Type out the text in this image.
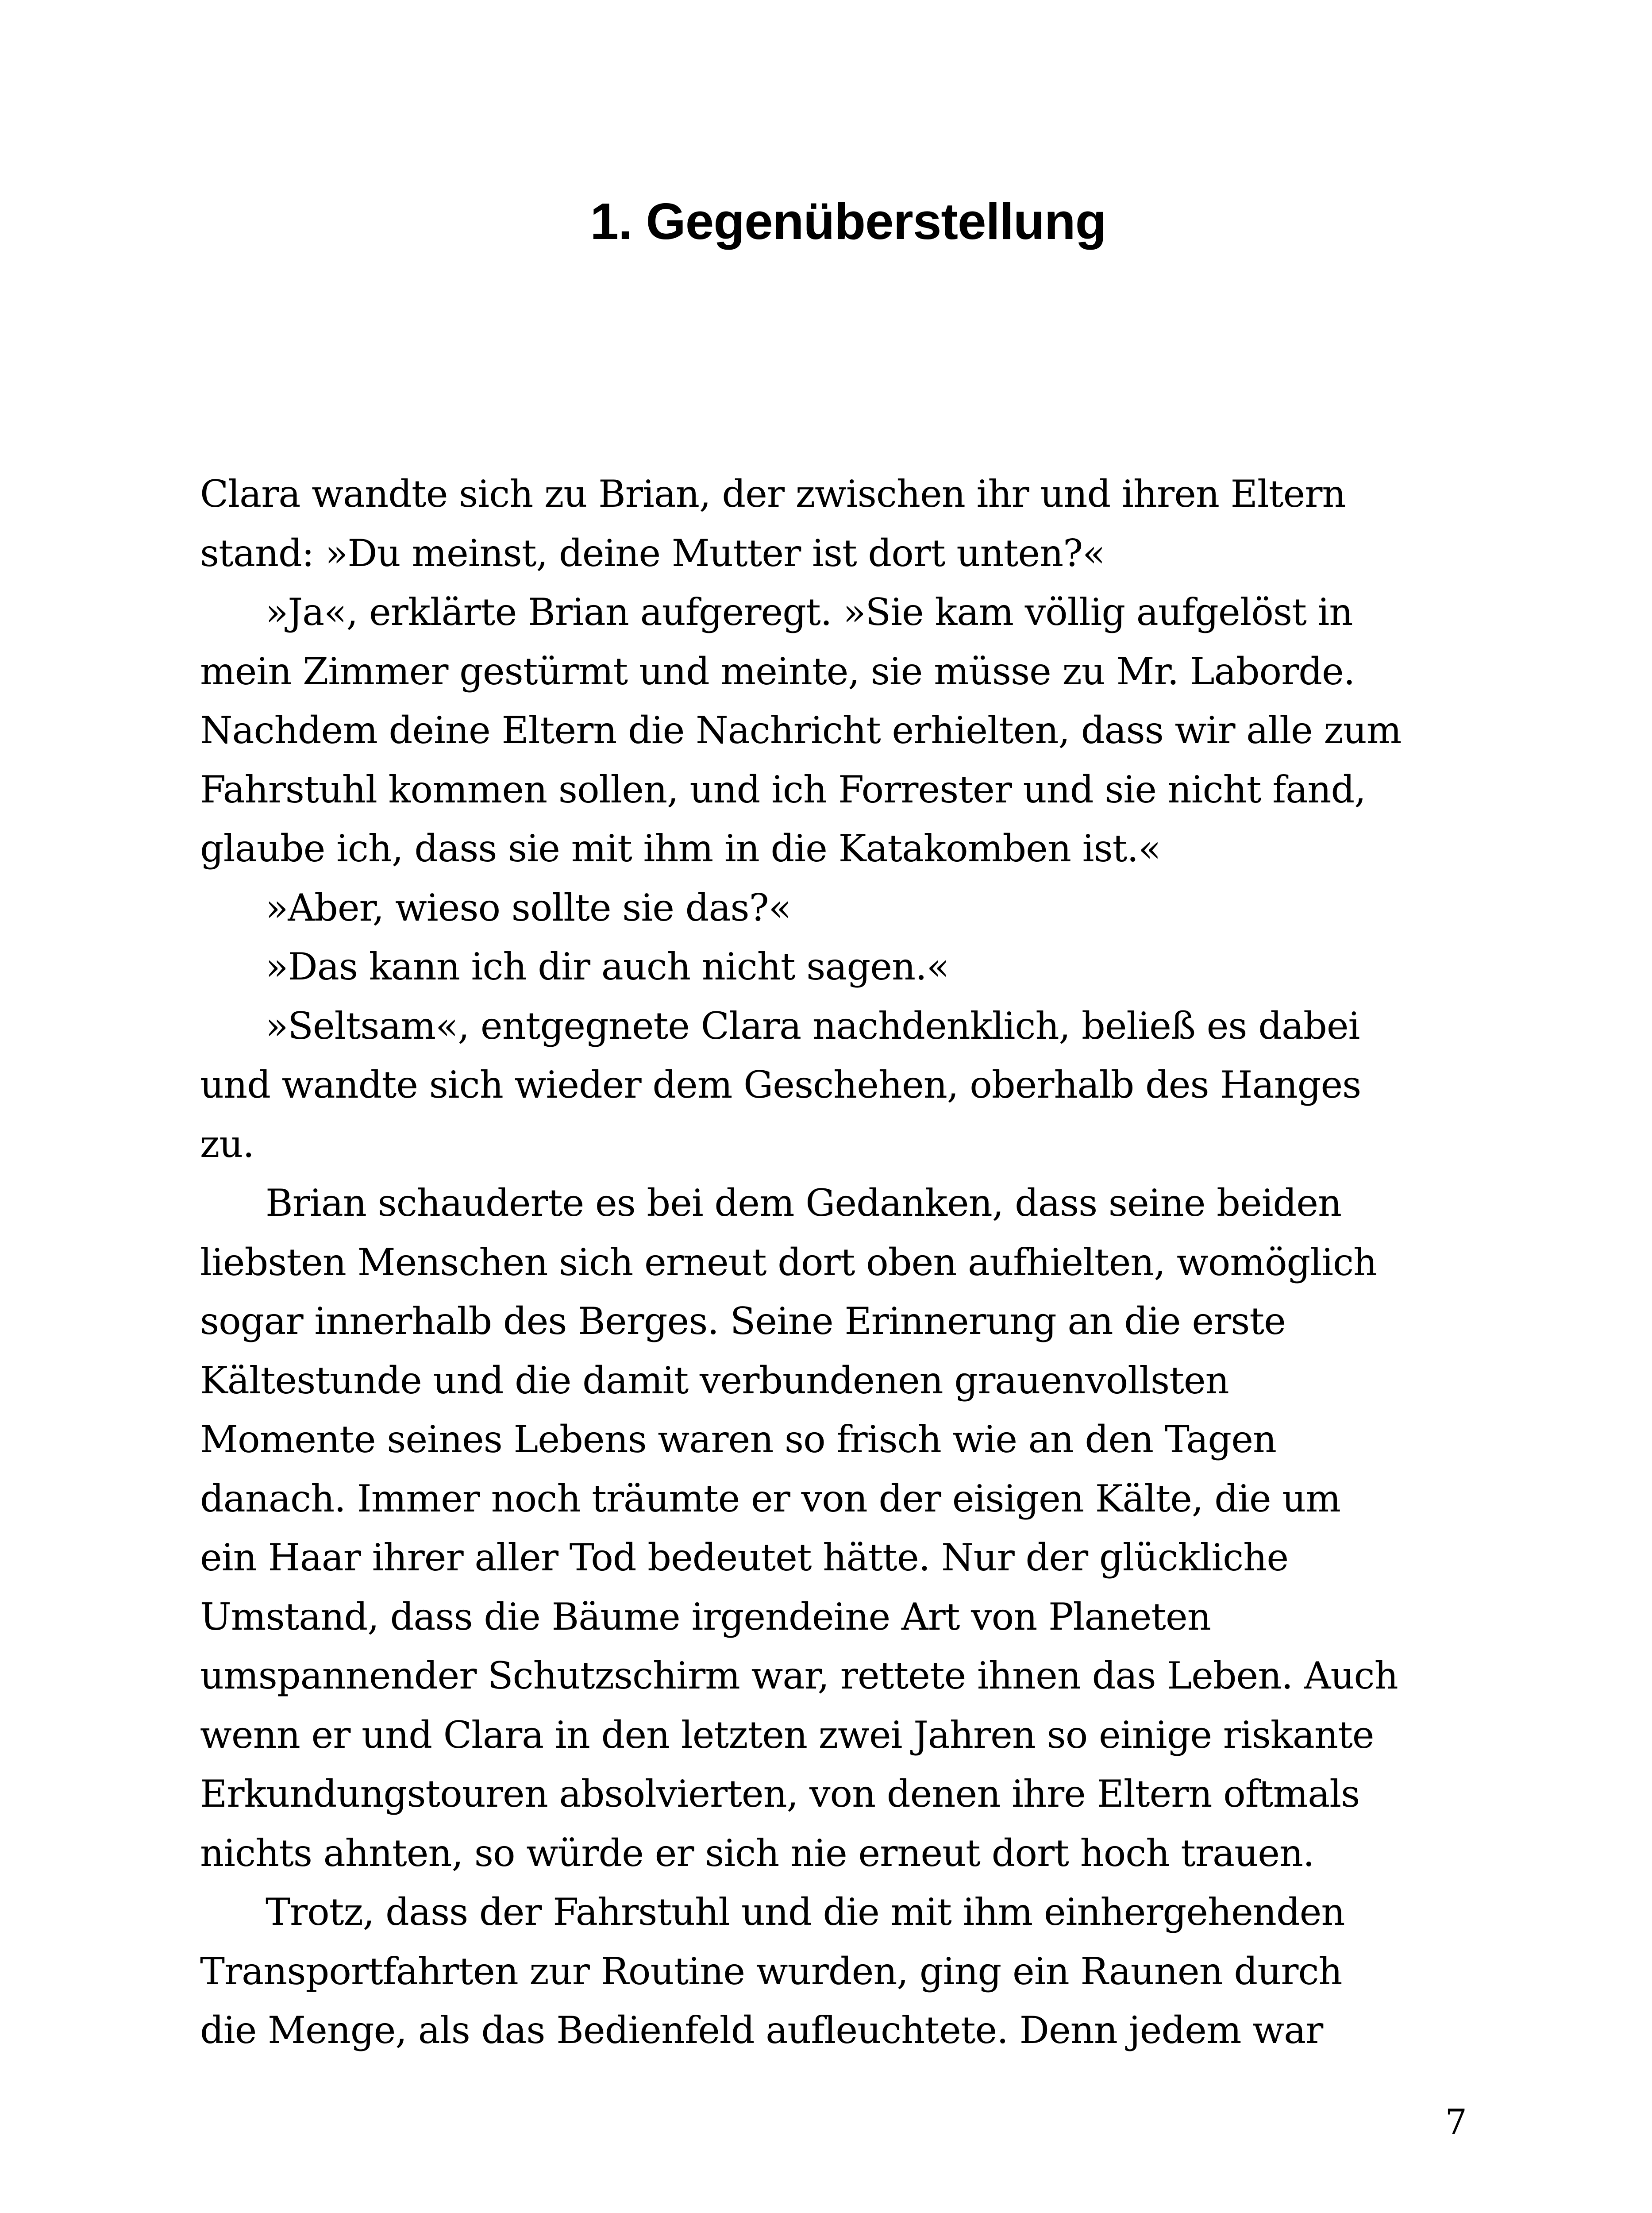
1. Gegenüberstellung
Clara wandte sich zu Brian, der zwischen ihr und ihren Eltern
stand: »Du meinst, deine Mutter ist dort unten?«
»Ja«, erklärte Brian aufgeregt. »Sie kam völlig aufgelöst in
mein Zimmer gestürmt und meinte, sie müsse zu Mr. Laborde.
Nachdem deine Eltern die Nachricht erhielten, dass wir alle zum
Fahrstuhl kommen sollen, und ich Forrester und sie nicht fand,
glaube ich, dass sie mit ihm in die Katakomben ist.«
»Aber, wieso sollte sie das?«
»Das kann ich dir auch nicht sagen.«
»Seltsam«, entgegnete Clara nachdenklich, beließ es dabei
und wandte sich wieder dem Geschehen, oberhalb des Hanges
zu.
Brian schauderte es bei dem Gedanken, dass seine beiden
liebsten Menschen sich erneut dort oben aufhielten, womöglich
sogar innerhalb des Berges. Seine Erinnerung an die erste
Kältestunde und die damit verbundenen grauenvollsten
Momente seines Lebens waren so frisch wie an den Tagen
danach. Immer noch träumte er von der eisigen Kälte, die um
ein Haar ihrer aller Tod bedeutet hätte. Nur der glückliche
Umstand, dass die Bäume irgendeine Art von Planeten
umspannender Schutzschirm war, rettete ihnen das Leben. Auch
wenn er und Clara in den letzten zwei Jahren so einige riskante
Erkundungstouren absolvierten, von denen ihre Eltern oftmals
nichts ahnten, so würde er sich nie erneut dort hoch trauen.
Trotz, dass der Fahrstuhl und die mit ihm einhergehenden
Transportfahrten zur Routine wurden, ging ein Raunen durch
die Menge, als das Bedienfeld aufleuchtete. Denn jedem war
7
